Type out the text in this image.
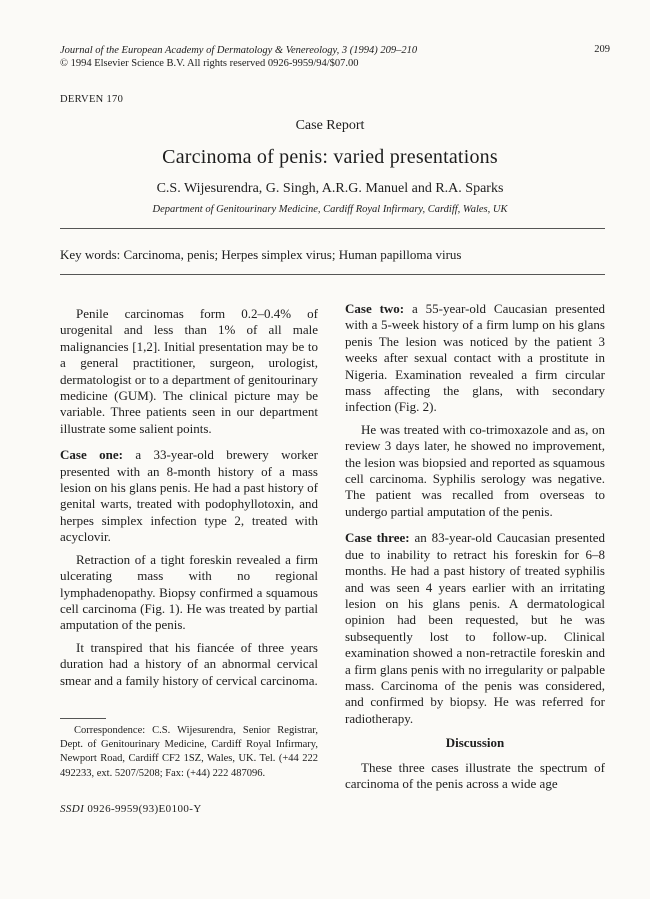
Journal of the European Academy of Dermatology & Venereology, 3 (1994) 209–210
© 1994 Elsevier Science B.V. All rights reserved 0926-9959/94/$07.00
209
DERVEN 170
Case Report
Carcinoma of penis: varied presentations
C.S. Wijesurendra, G. Singh, A.R.G. Manuel and R.A. Sparks
Department of Genitourinary Medicine, Cardiff Royal Infirmary, Cardiff, Wales, UK
Key words: Carcinoma, penis; Herpes simplex virus; Human papilloma virus

Penile carcinomas form 0.2–0.4% of urogenital and less than 1% of all male malignancies [1,2]. Initial presentation may be to a general practitioner, surgeon, urologist, dermatologist or to a department of genitourinary medicine (GUM). The clinical picture may be variable. Three patients seen in our department illustrate some salient points.

Case one: a 33-year-old brewery worker presented with an 8-month history of a mass lesion on his glans penis. He had a past history of genital warts, treated with podophyllotoxin, and herpes simplex infection type 2, treated with acyclovir.

Retraction of a tight foreskin revealed a firm ulcerating mass with no regional lymphadenopathy. Biopsy confirmed a squamous cell carcinoma (Fig. 1). He was treated by partial amputation of the penis.

It transpired that his fiancée of three years duration had a history of an abnormal cervical smear and a family history of cervical carcinoma.

Correspondence: C.S. Wijesurendra, Senior Registrar, Dept. of Genitourinary Medicine, Cardiff Royal Infirmary, Newport Road, Cardiff CF2 1SZ, Wales, UK. Tel. (+44 222 492233, ext. 5207/5208; Fax: (+44) 222 487096.

SSDI 0926-9959(93)E0100-Y

Case two: a 55-year-old Caucasian presented with a 5-week history of a firm lump on his glans penis The lesion was noticed by the patient 3 weeks after sexual contact with a prostitute in Nigeria. Examination revealed a firm circular mass affecting the glans, with secondary infection (Fig. 2).

He was treated with co-trimoxazole and as, on review 3 days later, he showed no improvement, the lesion was biopsied and reported as squamous cell carcinoma. Syphilis serology was negative. The patient was recalled from overseas to undergo partial amputation of the penis.

Case three: an 83-year-old Caucasian presented due to inability to retract his foreskin for 6–8 months. He had a past history of treated syphilis and was seen 4 years earlier with an irritating lesion on his glans penis. A dermatological opinion had been requested, but he was subsequently lost to follow-up. Clinical examination showed a non-retractile foreskin and a firm glans penis with no irregularity or palpable mass. Carcinoma of the penis was considered, and confirmed by biopsy. He was referred for radiotherapy.

Discussion

These three cases illustrate the spectrum of carcinoma of the penis across a wide age
